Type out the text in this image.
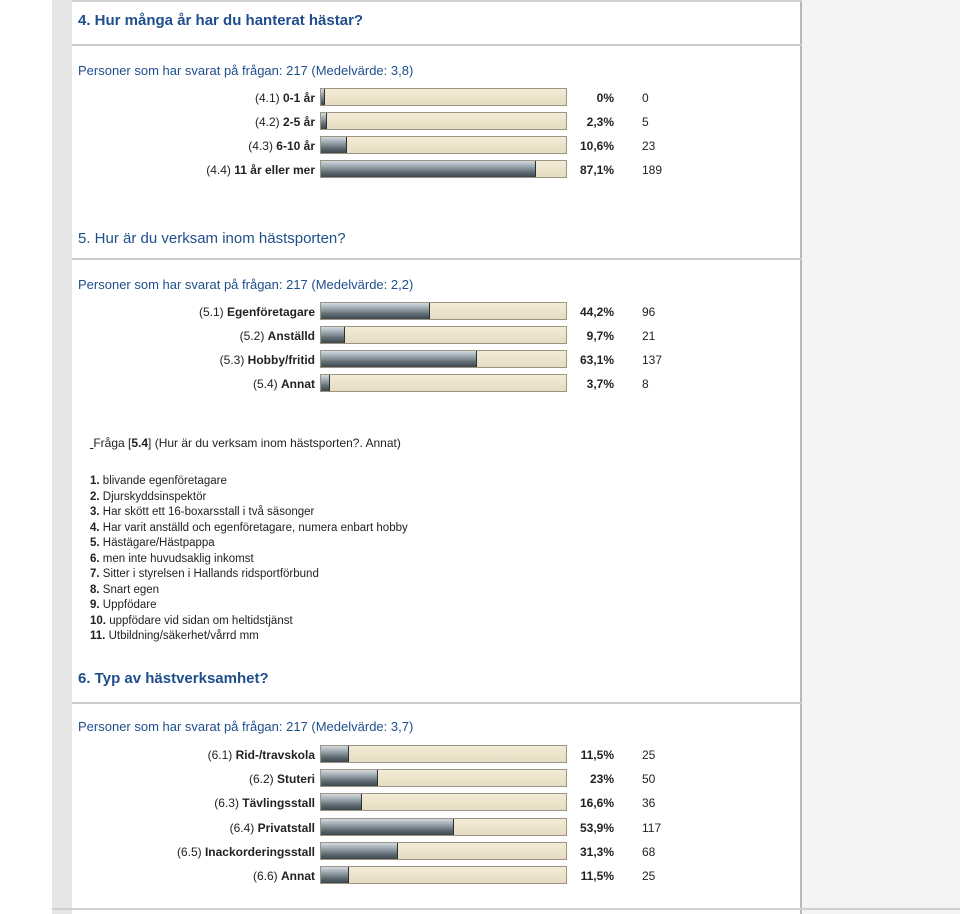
4. Hur många år har du hanterat hästar?
Personer som har svarat på frågan: 217 (Medelvärde: 3,8)
(4.1) 0-1 år	0% 0
(4.2) 2-5 år	2,3% 5
(4.3) 6-10 år	10,6% 23
(4.4) 11 år eller mer	87,1% 189
5. Hur är du verksam inom hästsporten?
Personer som har svarat på frågan: 217 (Medelvärde: 2,2)
(5.1) Egenföretagare	44,2% 96
(5.2) Anställd	9,7% 21
(5.3) Hobby/fritid	63,1% 137
(5.4) Annat	3,7% 8
Fråga [5.4] (Hur är du verksam inom hästsporten?. Annat)
1. blivande egenföretagare
2. Djurskyddsinspektör
3. Har skött ett 16-boxarsstall i två säsonger
4. Har varit anställd och egenföretagare, numera enbart hobby
5. Hästägare/Hästpappa
6. men inte huvudsaklig inkomst
7. Sitter i styrelsen i Hallands ridsportförbund
8. Snart egen
9. Uppfödare
10. uppfödare vid sidan om heltidstjänst
11. Utbildning/säkerhet/vårrd mm
6. Typ av hästverksamhet?
Personer som har svarat på frågan: 217 (Medelvärde: 3,7)
(6.1) Rid-/travskola	11,5% 25
(6.2) Stuteri	23% 50
(6.3) Tävlingsstall	16,6% 36
(6.4) Privatstall	53,9% 117
(6.5) Inackorderingsstall	31,3% 68
(6.6) Annat	11,5% 25
